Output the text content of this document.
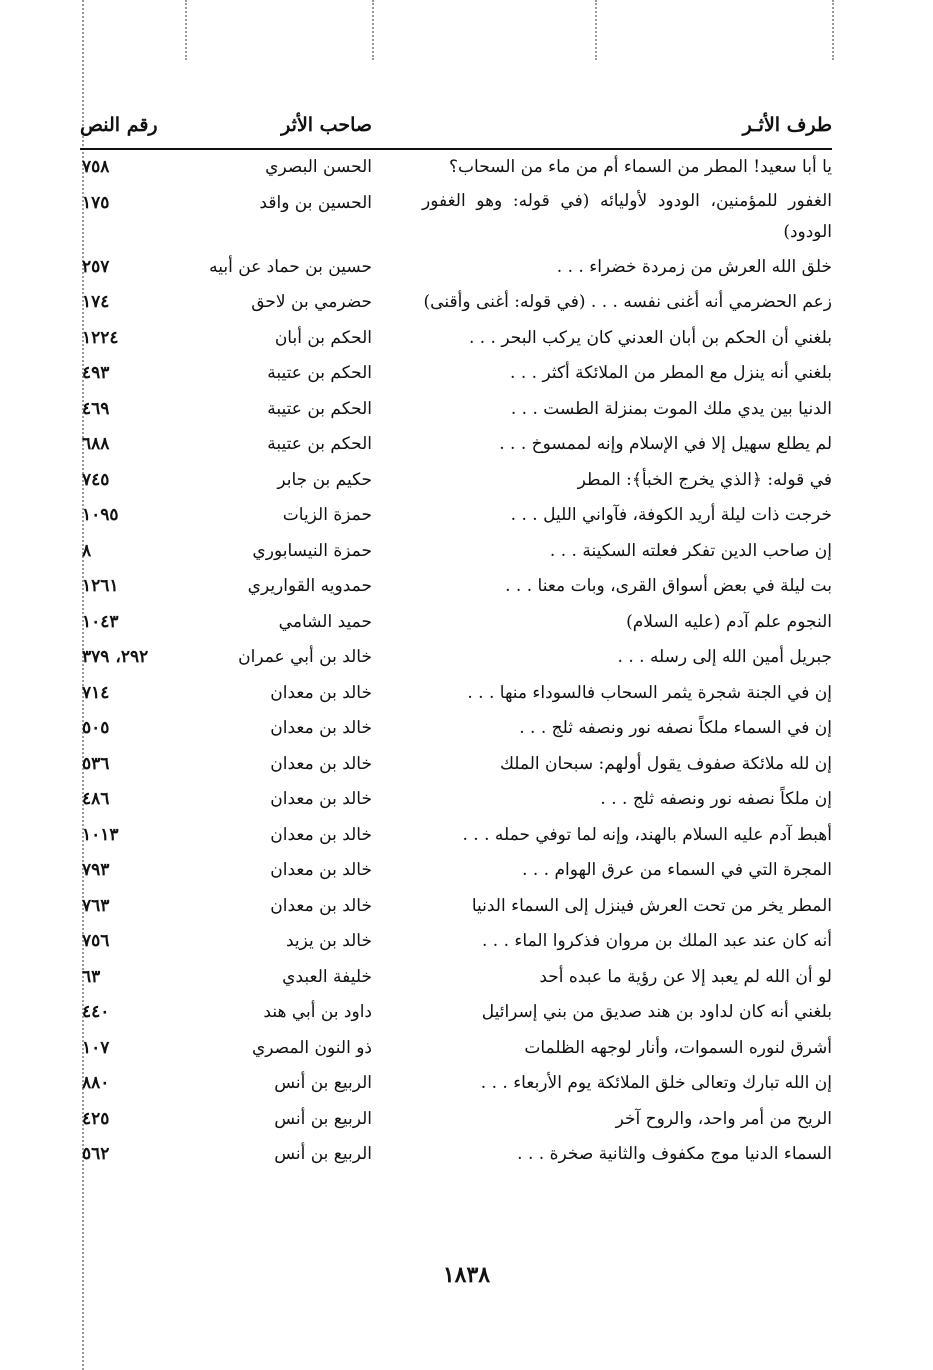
طرف الأثـر
صاحب الأثر
رقم النص
يا أبا سعيد! المطر من السماء أم من ماء من السحاب؟
الحسن البصري
٧٥٨
الغفور للمؤمنين، الودود لأوليائه (في قوله: وهو الغفور الودود)
الحسين بن واقد
١٧٥
خلق الله العرش من زمردة خضراء . . .
حسين بن حماد عن أبيه
٢٥٧
زعم الحضرمي أنه أغنى نفسه . . . (في قوله: أغنى وأقنى)
حضرمي بن لاحق
١٧٤
بلغني أن الحكم بن أبان العدني كان يركب البحر . . .
الحكم بن أبان
١٢٢٤
بلغني أنه ينزل مع المطر من الملائكة أكثر . . .
الحكم بن عتيبة
٤٩٣
الدنيا بين يدي ملك الموت بمنزلة الطست . . .
الحكم بن عتيبة
٤٦٩
لم يطلع سهيل إلا في الإسلام وإنه لممسوخ . . .
الحكم بن عتيبة
٦٨٨
في قوله: ﴿الذي يخرج الخبأ﴾: المطر
حكيم بن جابر
٧٤٥
خرجت ذات ليلة أريد الكوفة، فآواني الليل . . .
حمزة الزيات
١٠٩٥
إن صاحب الدين تفكر فعلته السكينة . . .
حمزة النيسابوري
٨
بت ليلة في بعض أسواق القرى، وبات معنا . . .
حمدويه القواريري
١٢٦١
النجوم علم آدم (عليه السلام)
حميد الشامي
١٠٤٣
جبريل أمين الله إلى رسله . . .
خالد بن أبي عمران
٢٩٢، ٣٧٩
إن في الجنة شجرة يثمر السحاب فالسوداء منها . . .
خالد بن معدان
٧١٤
إن في السماء ملكاً نصفه نور ونصفه ثلج . . .
خالد بن معدان
٥٠٥
إن لله ملائكة صفوف يقول أولهم: سبحان الملك
خالد بن معدان
٥٣٦
إن ملكاً نصفه نور ونصفه ثلج . . .
خالد بن معدان
٤٨٦
أهبط آدم عليه السلام بالهند، وإنه لما توفي حمله . . .
خالد بن معدان
١٠١٣
المجرة التي في السماء من عرق الهوام . . .
خالد بن معدان
٧٩٣
المطر يخر من تحت العرش فينزل إلى السماء الدنيا
خالد بن معدان
٧٦٣
أنه كان عند عبد الملك بن مروان فذكروا الماء . . .
خالد بن يزيد
٧٥٦
لو أن الله لم يعبد إلا عن رؤية ما عبده أحد
خليفة العبدي
٦٣
بلغني أنه كان لداود بن هند صديق من بني إسرائيل
داود بن أبي هند
٤٤٠
أشرق لنوره السموات، وأنار لوجهه الظلمات
ذو النون المصري
١٠٧
إن الله تبارك وتعالى خلق الملائكة يوم الأربعاء . . .
الربيع بن أنس
٨٨٠
الريح من أمر واحد، والروح آخر
الربيع بن أنس
٤٢٥
السماء الدنيا موج مكفوف والثانية صخرة . . .
الربيع بن أنس
٥٦٢
١٨٣٨
